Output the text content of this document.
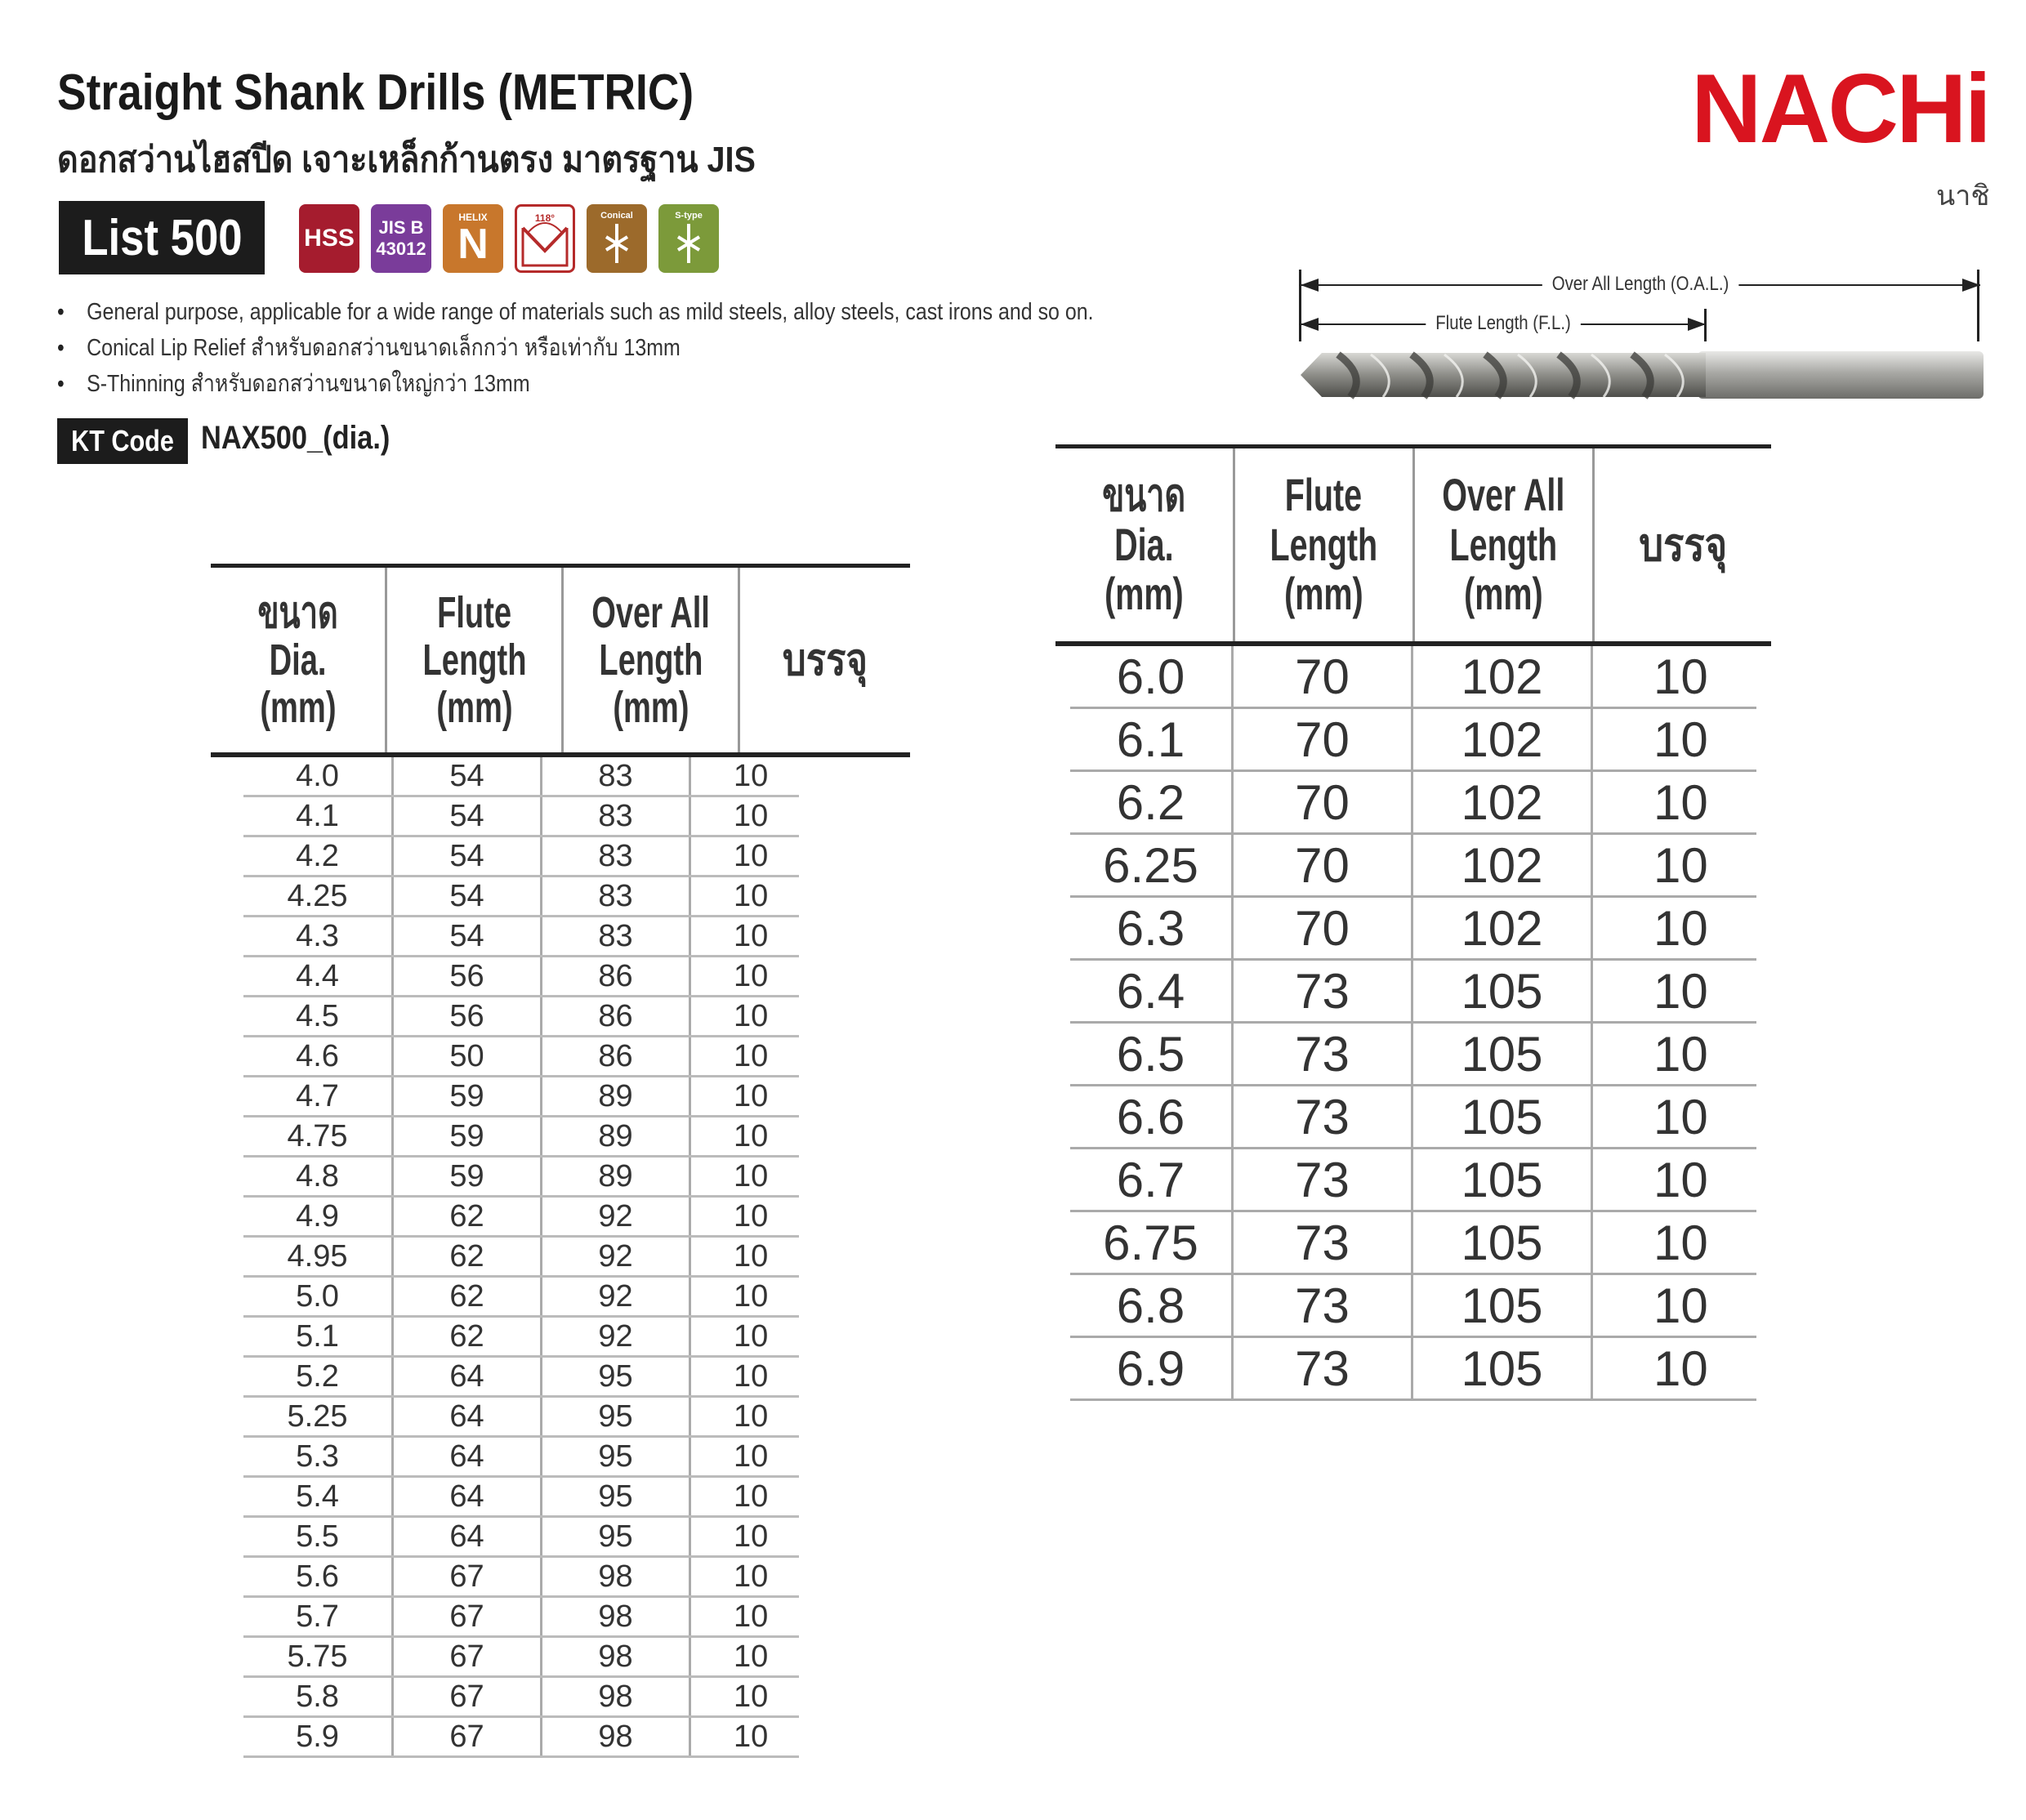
Straight Shank Drills (METRIC)
ดอกสว่านไฮสปีด เจาะเหล็กก้านตรง มาตรฐาน JIS
List 500	HSS JIS B
43012
HELIX
N
118°	Conical	S-type
• General purpose, applicable for a wide range of materials such as mild steels, alloy steels, cast irons and so on.
• Conical Lip Relief สำหรับดอกสว่านขนาดเล็กกว่า หรือเท่ากับ 13mm
• S-Thinning สำหรับดอกสว่านขนาดใหญ่กว่า 13mm
KT Code NAX500_(dia.)
NACHi
นาชิ
Over All Length (O.A.L.)
Flute Length (F.L.)
ขนาด
Dia.
(mm)
Flute
Length
(mm)
Over All
Length
(mm)
บรรจุ
4.0	54	83	10
4.1	54	83	10
4.2	54	83	10
4.25	54	83	10
4.3	54	83	10
4.4	56	86	10
4.5	56	86	10
4.6	50	86	10
4.7	59	89	10
4.75	59	89	10
4.8	59	89	10
4.9	62	92	10
4.95	62	92	10
5.0	62	92	10
5.1	62	92	10
5.2	64	95	10
5.25	64	95	10
5.3	64	95	10
5.4	64	95	10
5.5	64	95	10
5.6	67	98	10
5.7	67	98	10
5.75	67	98	10
5.8	67	98	10
5.9	67	98	10
ขนาด
Dia.
(mm)
Flute
Length
(mm)
Over All
Length
(mm)
บรรจุ
6.0	70	102	10
6.1	70	102	10
6.2	70	102	10
6.25	70	102	10
6.3	70	102	10
6.4	73	105	10
6.5	73	105	10
6.6	73	105	10
6.7	73	105	10
6.75	73	105	10
6.8	73	105	10
6.9	73	105	10
